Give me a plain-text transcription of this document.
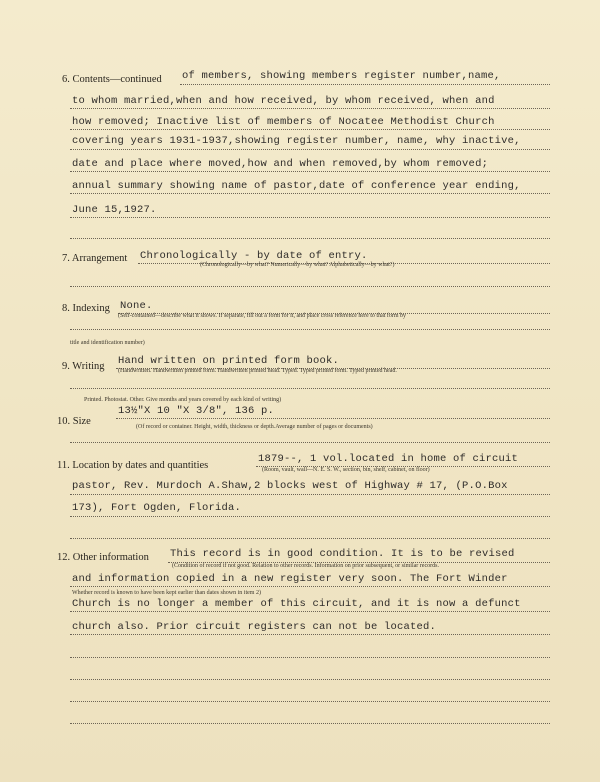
6. Contents—continued of members, showing members register number,name,
to whom married,when and how received, by whom received, when and
how removed; Inactive list of members of Nocatee Methodist Church
covering years 1931-1937,showing register number, name, why inactive,
date and place where moved,how and when removed,by whom removed;
annual summary showing name of pastor,date of conference year ending,
June 15,1927.
7. Arrangement Chronologically - by date of entry.
(Chronologically—by what? Numerically—by what? Alphabetically—by what?)
8. Indexing None.
(Self-contained—describe what it shows. If separate, fill out a form for it, and place cross reference here to that form by
title and identification number)
9. Writing Hand written on printed form book.
(Handwritten. Handwritten printed form. Handwritten printed head. Typed. Typed printed form. Typed printed head.
Printed. Photostat. Other. Give months and years covered by each kind of writing)
10. Size
13½"X 10 "X 3/8", 136 p.
(Of record or container. Height, width, thickness or depth.Average number of pages or documents)
11. Location by dates and quantities
1879--, 1 vol.located in home of circuit
(Room, vault, wall—N. E. S. W., section, bin, shelf, cabinet, on floor)
pastor, Rev. Murdoch A.Shaw,2 blocks west of Highway # 17, (P.O.Box
173), Fort Ogden, Florida.
12. Other information This record is in good condition. It is to be revised
(Condition of record if not good. Relation to other records. Information on prior subsequent, or similar records.
and information copied in a new register very soon. The Fort Winder
Whether record is known to have been kept earlier than dates shown in item 2)
Church is no longer a member of this circuit, and it is now a defunct
church also. Prior circuit registers can not be located.
